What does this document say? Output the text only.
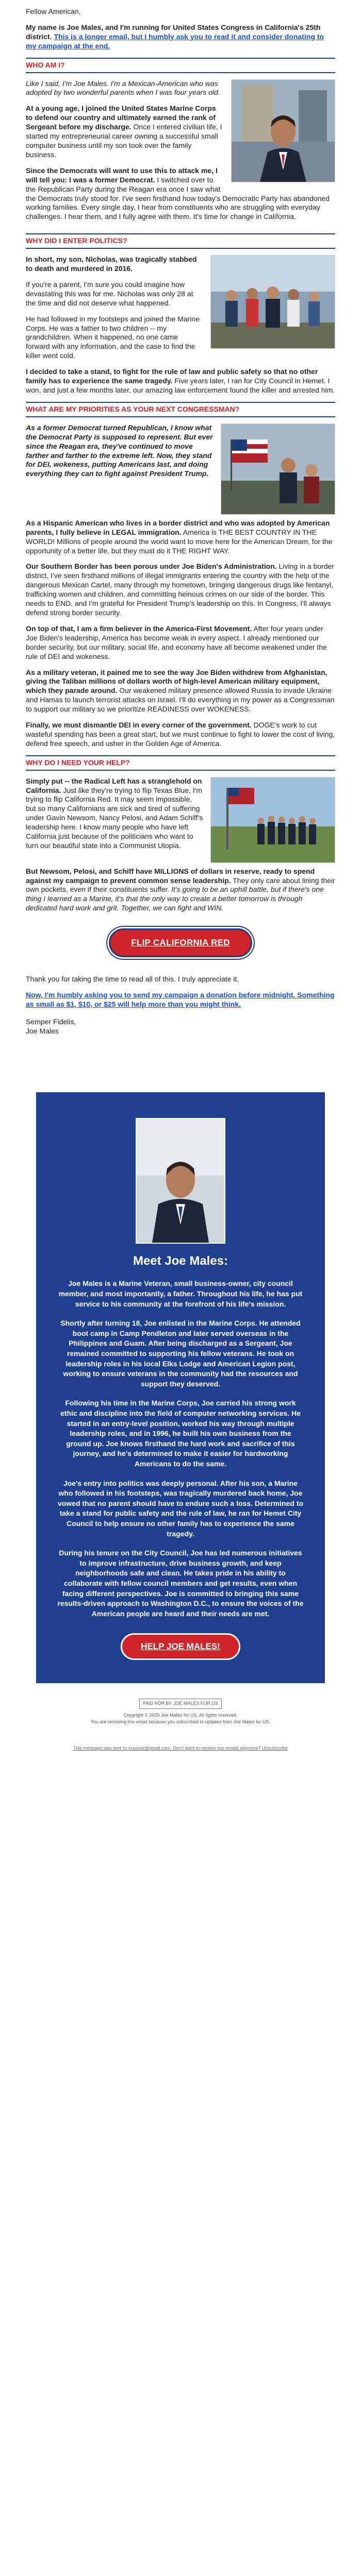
Fellow American,

My name is Joe Males, and I'm running for United States Congress in California's 25th district. This is a longer email, but I humbly ask you to read it and consider donating to my campaign at the end.

WHO AM I?

Like I said, I'm Joe Males. I'm a Mexican-American who was adopted by two wonderful parents when I was four years old.

At a young age, I joined the United States Marine Corps to defend our country and ultimately earned the rank of Sergeant before my discharge. Once I entered civilian life, I started my entrepreneurial career owning a successful small computer business until my son took over the family business.

Since the Democrats will want to use this to attack me, I will tell you: I was a former Democrat. I switched over to the Republican Party during the Reagan era once I saw what the Democrats truly stood for. I've seen firsthand how today's Democratic Party has abandoned working families. Every single day, I hear from constituents who are struggling with everyday challenges. I hear them, and I fully agree with them. It's time for change in California.

WHY DID I ENTER POLITICS?

In short, my son, Nicholas, was tragically stabbed to death and murdered in 2016.

If you're a parent, I'm sure you could imagine how devastating this was for me. Nicholas was only 28 at the time and did not deserve what happened.

He had followed in my footsteps and joined the Marine Corps. He was a father to two children -- my grandchildren. When it happened, no one came forward with any information, and the case to find the killer went cold.

I decided to take a stand, to fight for the rule of law and public safety so that no other family has to experience the same tragedy. Five years later, I ran for City Council in Hemet. I won, and just a few months later, our amazing law enforcement found the killer and arrested him.

WHAT ARE MY PRIORITIES AS YOUR NEXT CONGRESSMAN?

As a former Democrat turned Republican, I know what the Democrat Party is supposed to represent. But ever since the Reagan era, they've continued to move farther and farther to the extreme left. Now, they stand for DEI, wokeness, putting Americans last, and doing everything they can to fight against President Trump.

As a Hispanic American who lives in a border district and who was adopted by American parents, I fully believe in LEGAL immigration. America is THE BEST COUNTRY IN THE WORLD! Millions of people around the world want to move here for the American Dream, for the opportunity of a better life, but they must do it THE RIGHT WAY.

Our Southern Border has been porous under Joe Biden's Administration. Living in a border district, I've seen firsthand millions of illegal immigrants entering the country with the help of the dangerous Mexican Cartel, many through my hometown, bringing dangerous drugs like fentanyl, trafficking women and children, and committing heinous crimes on our side of the border. This needs to END, and I'm grateful for President Trump's leadership on this. In Congress, I'll always defend strong border security.

On top of that, I am a firm believer in the America-First Movement. After four years under Joe Biden's leadership, America has become weak in every aspect. I already mentioned our border security, but our military, social life, and economy have all become weakened under the rule of DEI and wokeness.

As a military veteran, it pained me to see the way Joe Biden withdrew from Afghanistan, giving the Taliban millions of dollars worth of high-level American military equipment, which they parade around. Our weakened military presence allowed Russia to invade Ukraine and Hamas to launch terrorist attacks on Israel. I'll do everything in my power as a Congressman to support our military so we prioritize READINESS over WOKENESS.

Finally, we must dismantle DEI in every corner of the government. DOGE's work to cut wasteful spending has been a great start, but we must continue to fight to lower the cost of living, defend free speech, and usher in the Golden Age of America.

WHY DO I NEED YOUR HELP?

Simply put -- the Radical Left has a stranglehold on California. Just like they're trying to flip Texas Blue, I'm trying to flip California Red. It may seem impossible, but so many Californians are sick and tired of suffering under Gavin Newsom, Nancy Pelosi, and Adam Schiff's leadership here. I know many people who have left California just because of the politicians who want to turn our beautiful state into a Communist Utopia.

But Newsom, Pelosi, and Schiff have MILLIONS of dollars in reserve, ready to spend against my campaign to prevent common sense leadership. They only care about lining their own pockets, even if their constituents suffer. It's going to be an uphill battle, but if there's one thing I learned as a Marine, it's that the only way to create a better tomorrow is through dedicated hard work and grit. Together, we can fight and WIN.

FLIP CALIFORNIA RED

Thank you for taking the time to read all of this. I truly appreciate it.

Now, I'm humbly asking you to send my campaign a donation before midnight. Something as small as $1, $10, or $25 will help more than you might think.

Semper Fidelis,
Joe Males
Meet Joe Males:

Joe Males is a Marine Veteran, small business-owner, city council member, and most importantly, a father. Throughout his life, he has put service to his community at the forefront of his life's mission.

Shortly after turning 18, Joe enlisted in the Marine Corps. He attended boot camp in Camp Pendleton and later served overseas in the Philippines and Guam. After being discharged as a Sergeant, Joe remained committed to supporting his fellow veterans. He took on leadership roles in his local Elks Lodge and American Legion post, working to ensure veterans in the community had the resources and support they deserved.

Following his time in the Marine Corps, Joe carried his strong work ethic and discipline into the field of computer networking services. He started in an entry-level position, worked his way through multiple leadership roles, and in 1996, he built his own business from the ground up. Joe knows firsthand the hard work and sacrifice of this journey, and he's determined to make it easier for hardworking Americans to do the same.

Joe's entry into politics was deeply personal. After his son, a Marine who followed in his footsteps, was tragically murdered back home, Joe vowed that no parent should have to endure such a loss. Determined to take a stand for public safety and the rule of law, he ran for Hemet City Council to help ensure no other family has to experience the same tragedy.

During his tenure on the City Council, Joe has led numerous initiatives to improve infrastructure, drive business growth, and keep neighborhoods safe and clean. He takes pride in his ability to collaborate with fellow council members and get results, even when facing different perspectives. Joe is committed to bringing this same results-driven approach to Washington D.C., to ensure the voices of the American people are heard and their needs are met.

HELP JOE MALES!
PAID FOR BY JOE MALES FOR US
Copyright © 2025 Joe Males for US, All rights reserved.
You are receiving this email because you subscribed to updates from Joe Males for US.
This message was sent to xxxxxxx@gmail.com. Don't want to receive our emails anymore? Unsubscribe
